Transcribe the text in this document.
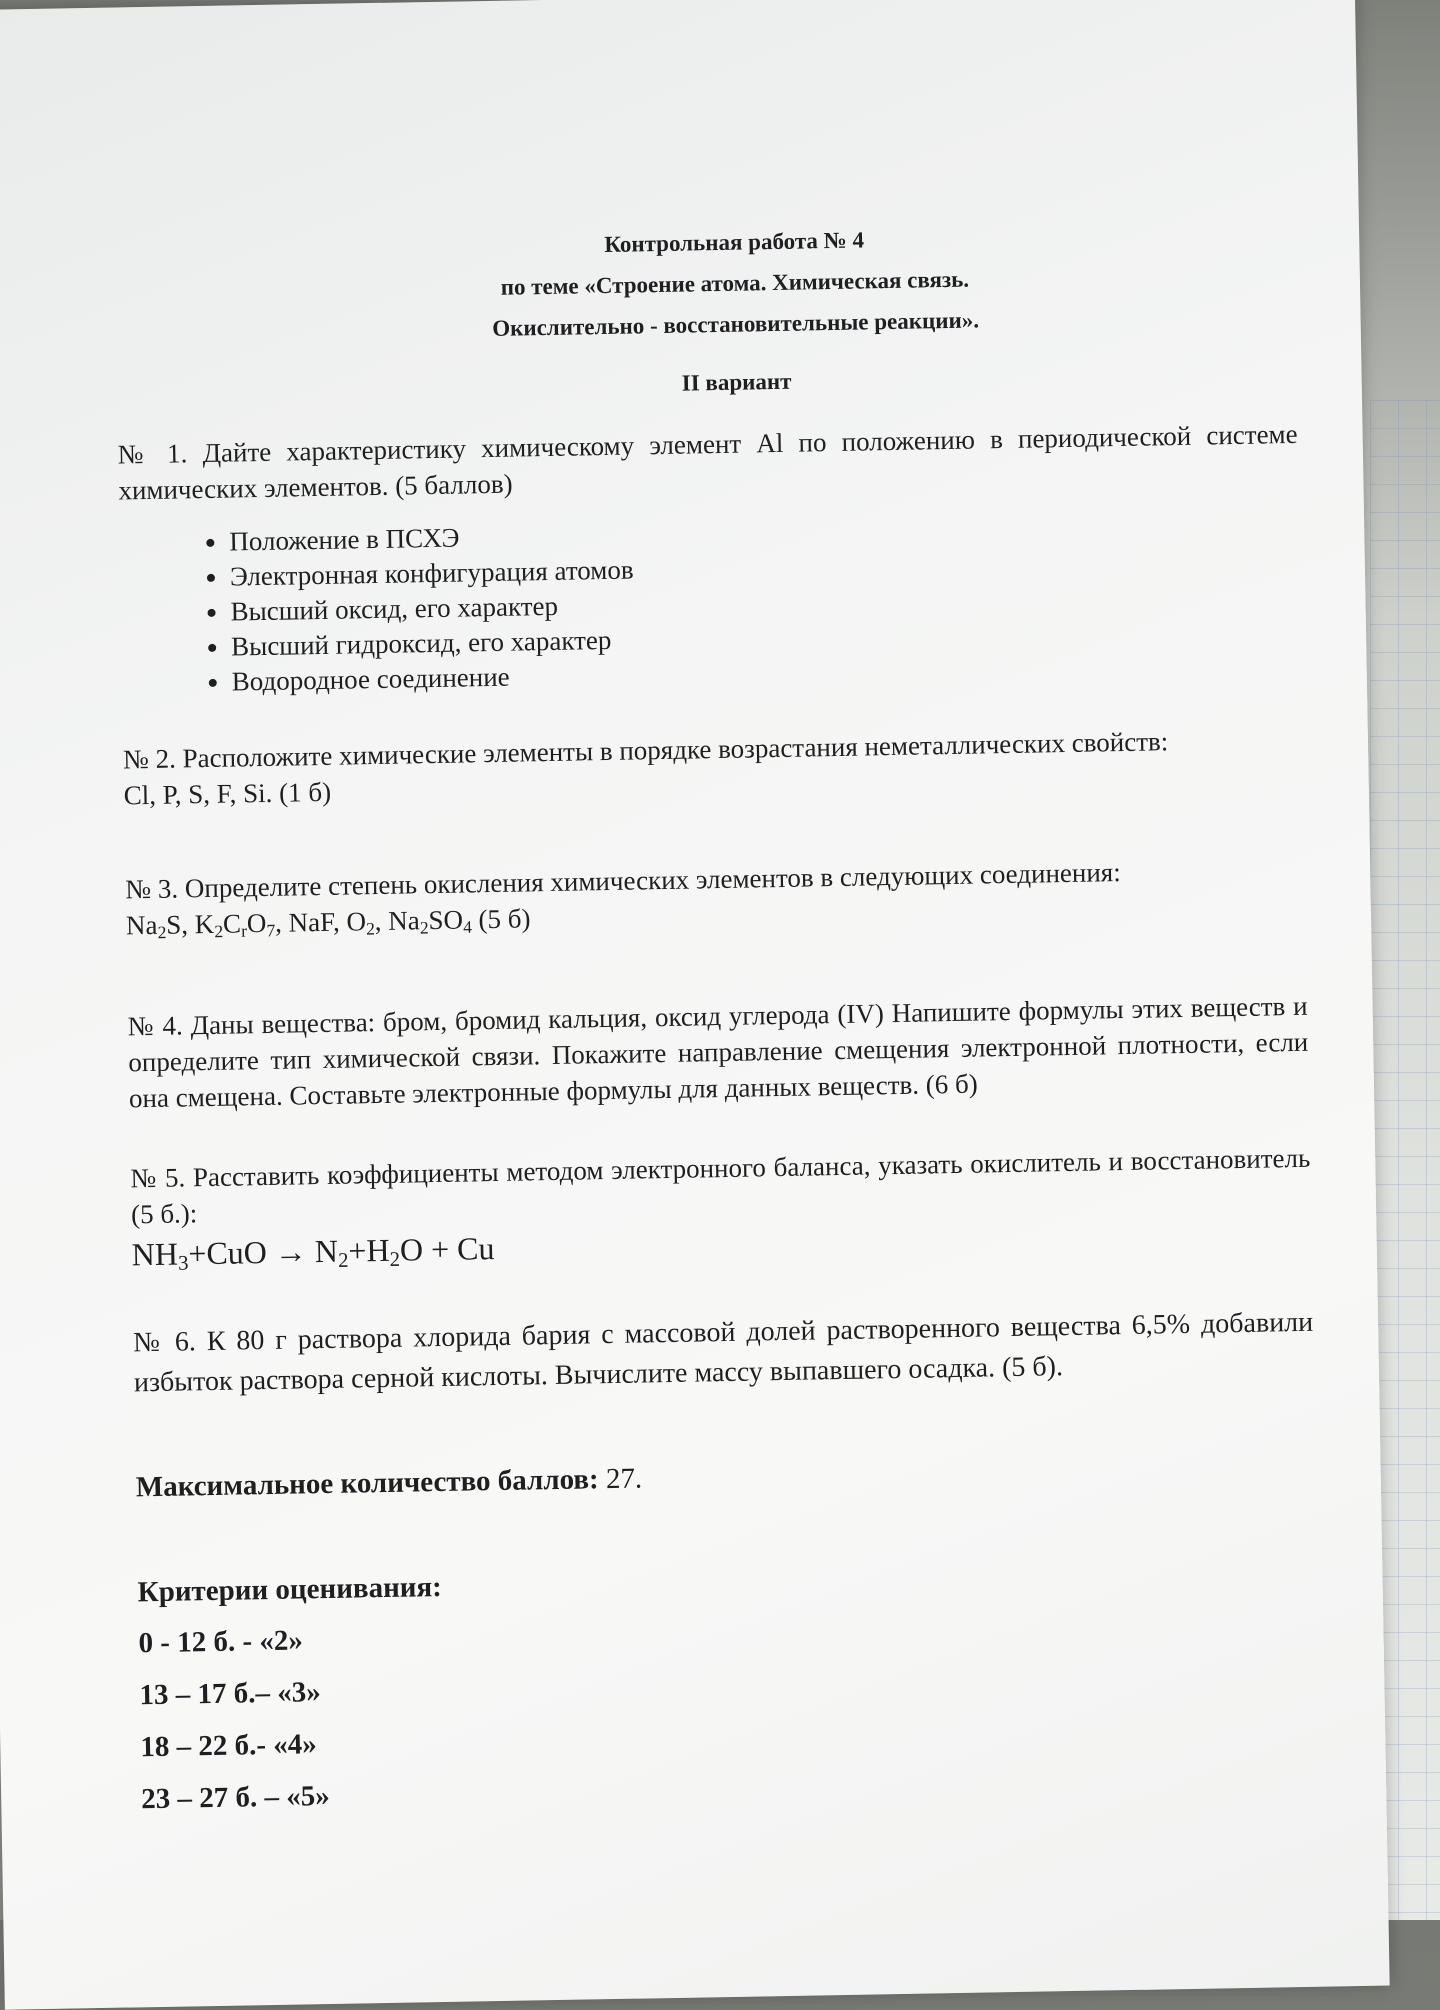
Контрольная работа № 4
по теме «Строение атома. Химическая связь.
Окислительно - восстановительные реакции».
II вариант
№ 1. Дайте характеристику химическому элемент Al по положению в периодической системе химических элементов. (5 баллов)
• Положение в ПСХЭ
• Электронная конфигурация атомов
• Высший оксид, его характер
• Высший гидроксид, его характер
• Водородное соединение
№ 2. Расположите химические элементы в порядке возрастания неметаллических свойств:
Cl, P, S, F, Si. (1 б)
№ 3. Определите степень окисления химических элементов в следующих соединения:
$Na_2S$, $K_2C_rO_7$, NaF, $O_2$, $Na_2SO_4$ (5 б)
№ 4. Даны вещества: бром, бромид кальция, оксид углерода (IV) Напишите формулы этих веществ и определите тип химической связи. Покажите направление смещения электронной плотности, если она смещена. Составьте электронные формулы для данных веществ. (6 б)
№ 5. Расставить коэффициенты методом электронного баланса, указать окислитель и восстановитель (5 б.):
$NH_3+CuO \to N_2+H_2O + Cu$
№ 6. К 80 г раствора хлорида бария с массовой долей растворенного вещества 6,5% добавили избыток раствора серной кислоты. Вычислите массу выпавшего осадка. (5 б).
Максимальное количество баллов: 27.
Критерии оценивания:
0 - 12 б. - «2»
13 – 17 б.– «3»
18 – 22 б.- «4»
23 – 27 б. – «5»
